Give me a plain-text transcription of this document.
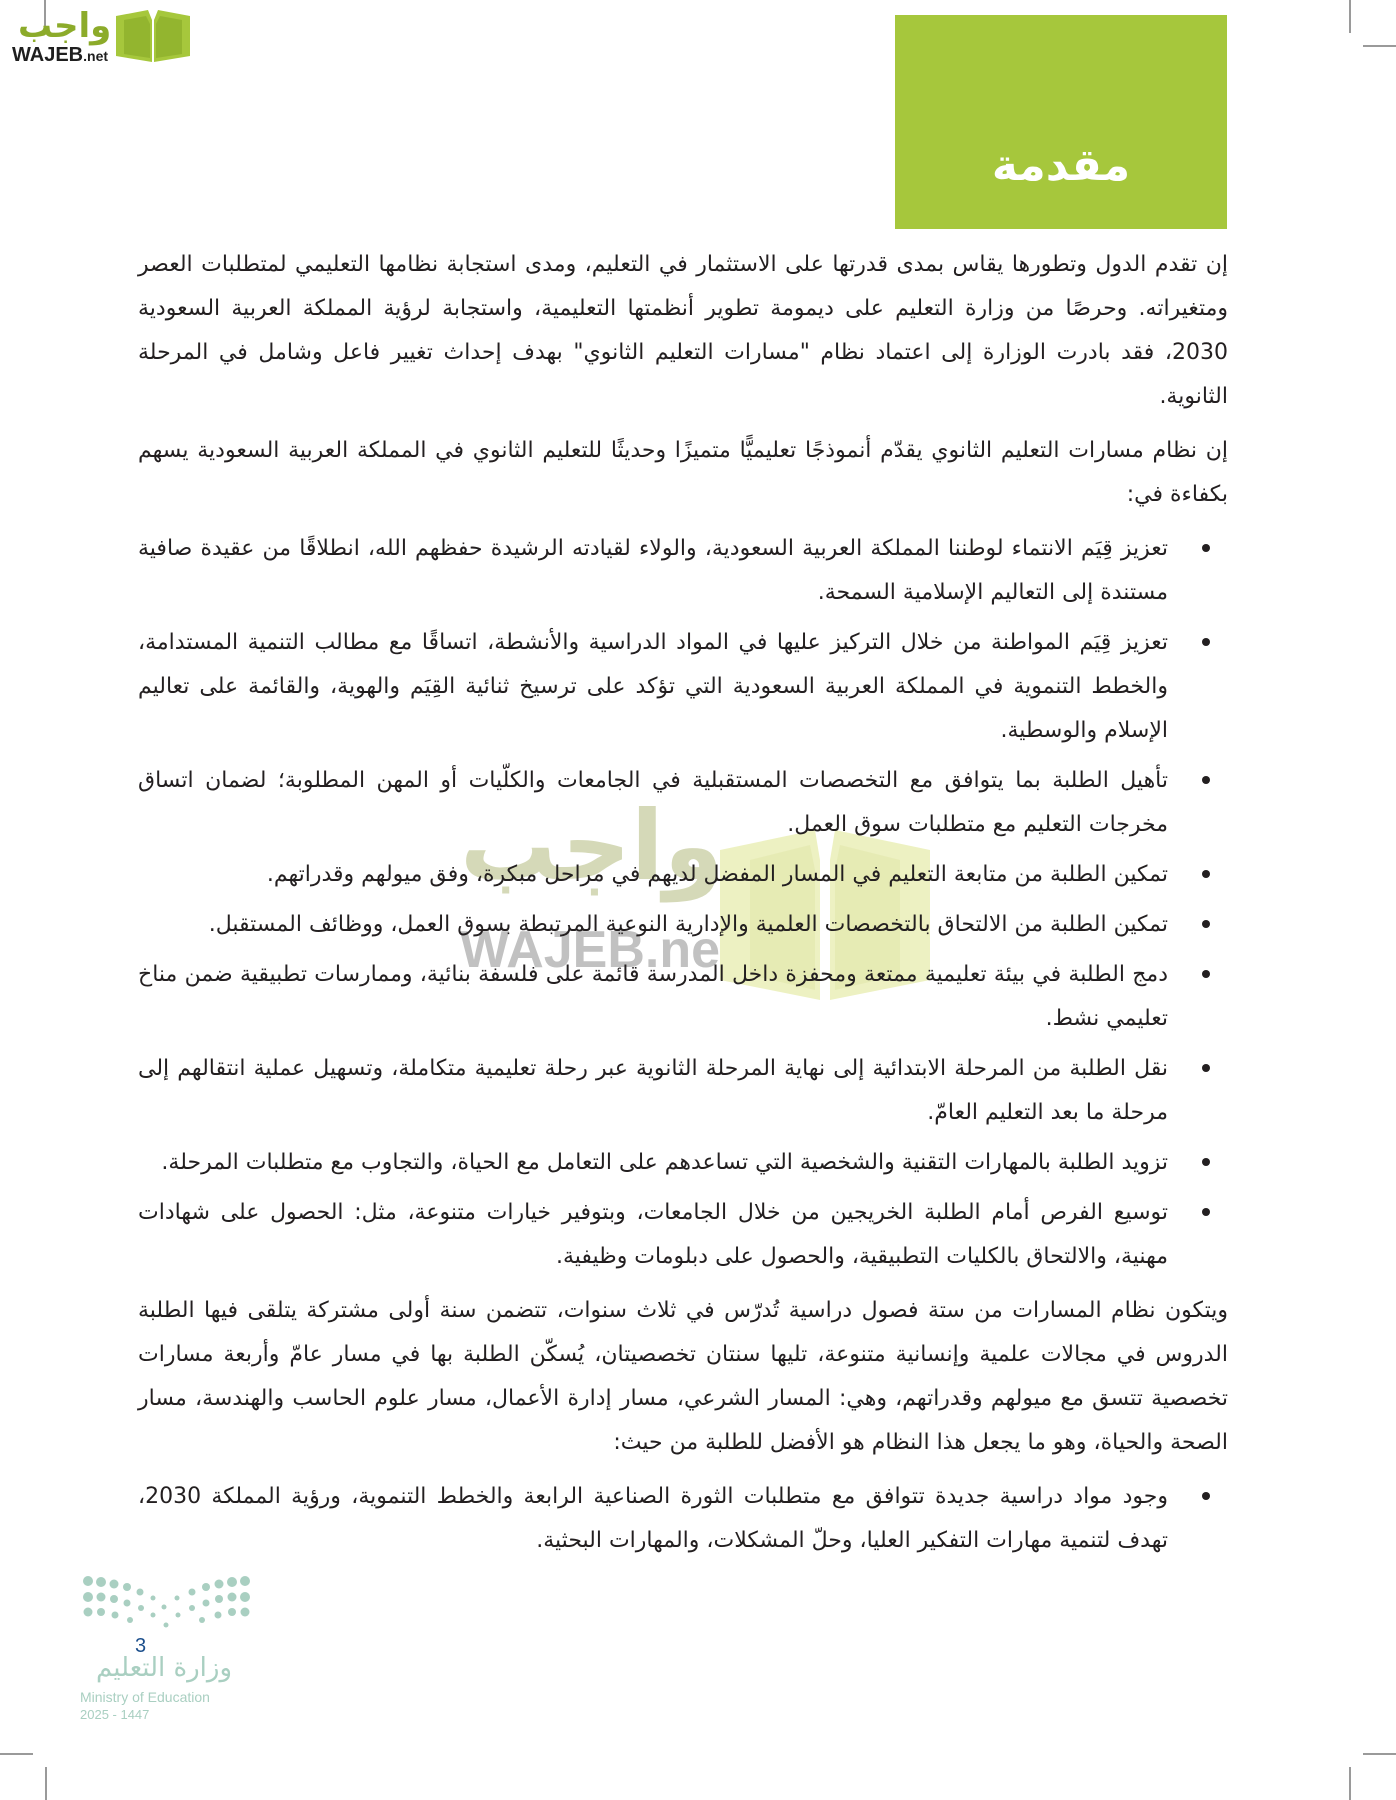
واجب
WAJEB.net
مقدمة
واجب
WAJEB.net

إن تقدم الدول وتطورها يقاس بمدى قدرتها على الاستثمار في التعليم، ومدى استجابة نظامها التعليمي لمتطلبات العصر ومتغيراته. وحرصًا من وزارة التعليم على ديمومة تطوير أنظمتها التعليمية، واستجابة لرؤية المملكة العربية السعودية 2030، فقد بادرت الوزارة إلى اعتماد نظام "مسارات التعليم الثانوي" بهدف إحداث تغيير فاعل وشامل في المرحلة الثانوية.

إن نظام مسارات التعليم الثانوي يقدّم أنموذجًا تعليميًّا متميزًا وحديثًا للتعليم الثانوي في المملكة العربية السعودية يسهم بكفاءة في:

تعزيز قِيَم الانتماء لوطننا المملكة العربية السعودية، والولاء لقيادته الرشيدة حفظهم الله، انطلاقًا من عقيدة صافية مستندة إلى التعاليم الإسلامية السمحة.
تعزيز قِيَم المواطنة من خلال التركيز عليها في المواد الدراسية والأنشطة، اتساقًا مع مطالب التنمية المستدامة، والخطط التنموية في المملكة العربية السعودية التي تؤكد على ترسيخ ثنائية القِيَم والهوية، والقائمة على تعاليم الإسلام والوسطية.
تأهيل الطلبة بما يتوافق مع التخصصات المستقبلية في الجامعات والكلّيات أو المهن المطلوبة؛ لضمان اتساق مخرجات التعليم مع متطلبات سوق العمل.
تمكين الطلبة من متابعة التعليم في المسار المفضل لديهم في مراحل مبكرة، وفق ميولهم وقدراتهم.
تمكين الطلبة من الالتحاق بالتخصصات العلمية والإدارية النوعية المرتبطة بسوق العمل، ووظائف المستقبل.
دمج الطلبة في بيئة تعليمية ممتعة ومحفزة داخل المدرسة قائمة على فلسفة بنائية، وممارسات تطبيقية ضمن مناخ تعليمي نشط.
نقل الطلبة من المرحلة الابتدائية إلى نهاية المرحلة الثانوية عبر رحلة تعليمية متكاملة، وتسهيل عملية انتقالهم إلى مرحلة ما بعد التعليم العامّ.
تزويد الطلبة بالمهارات التقنية والشخصية التي تساعدهم على التعامل مع الحياة، والتجاوب مع متطلبات المرحلة.
توسيع الفرص أمام الطلبة الخريجين من خلال الجامعات، وبتوفير خيارات متنوعة، مثل: الحصول على شهادات مهنية، والالتحاق بالكليات التطبيقية، والحصول على دبلومات وظيفية.

ويتكون نظام المسارات من ستة فصول دراسية تُدرّس في ثلاث سنوات، تتضمن سنة أولى مشتركة يتلقى فيها الطلبة الدروس في مجالات علمية وإنسانية متنوعة، تليها سنتان تخصصيتان، يُسكّن الطلبة بها في مسار عامّ وأربعة مسارات تخصصية تتسق مع ميولهم وقدراتهم، وهي: المسار الشرعي، مسار إدارة الأعمال، مسار علوم الحاسب والهندسة، مسار الصحة والحياة، وهو ما يجعل هذا النظام هو الأفضل للطلبة من حيث:

وجود مواد دراسية جديدة تتوافق مع متطلبات الثورة الصناعية الرابعة والخطط التنموية، ورؤية المملكة 2030، تهدف لتنمية مهارات التفكير العليا، وحلّ المشكلات، والمهارات البحثية.
3
وزارة التعليم
Ministry of Education
2025 - 1447
